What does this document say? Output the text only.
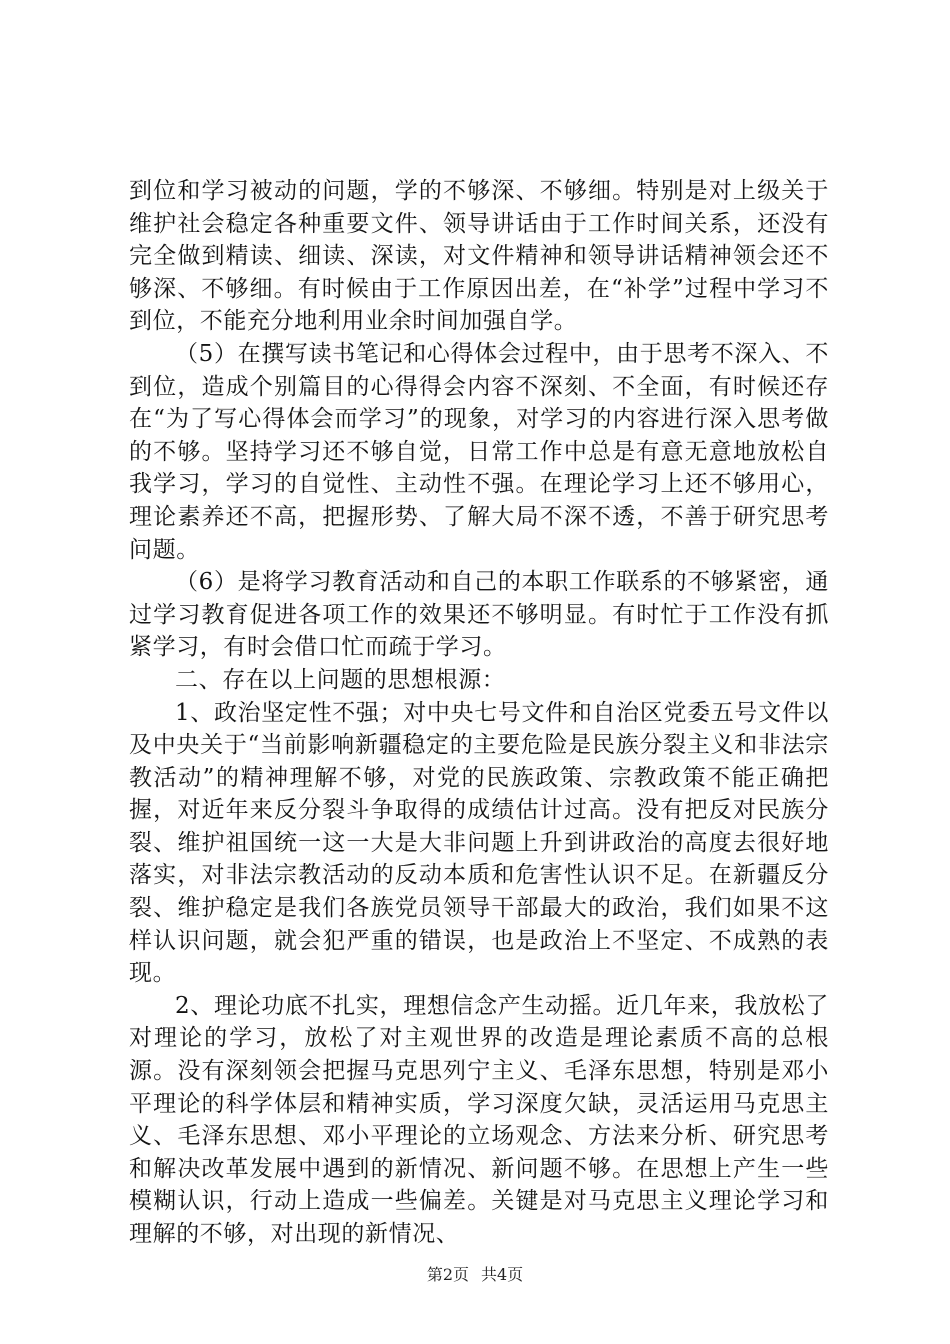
到位和学习被动的问题，学的不够深、不够细。特别是对上级关于维护社会稳定各种重要文件、领导讲话由于工作时间关系，还没有完全做到精读、细读、深读，对文件精神和领导讲话精神领会还不够深、不够细。有时候由于工作原因出差，在“补学”过程中学习不到位，不能充分地利用业余时间加强自学。

（5）在撰写读书笔记和心得体会过程中，由于思考不深入、不到位，造成个别篇目的心得得会内容不深刻、不全面，有时候还存在“为了写心得体会而学习”的现象，对学习的内容进行深入思考做的不够。坚持学习还不够自觉，日常工作中总是有意无意地放松自我学习，学习的自觉性、主动性不强。在理论学习上还不够用心，理论素养还不高，把握形势、了解大局不深不透，不善于研究思考问题。

（6）是将学习教育活动和自己的本职工作联系的不够紧密，通过学习教育促进各项工作的效果还不够明显。有时忙于工作没有抓紧学习，有时会借口忙而疏于学习。

二、存在以上问题的思想根源：

1、政治坚定性不强；对中央七号文件和自治区党委五号文件以及中央关于“当前影响新疆稳定的主要危险是民族分裂主义和非法宗教活动”的精神理解不够，对党的民族政策、宗教政策不能正确把握，对近年来反分裂斗争取得的成绩估计过高。没有把反对民族分裂、维护祖国统一这一大是大非问题上升到讲政治的高度去很好地落实，对非法宗教活动的反动本质和危害性认识不足。在新疆反分裂、维护稳定是我们各族党员领导干部最大的政治，我们如果不这样认识问题，就会犯严重的错误，也是政治上不坚定、不成熟的表现。

2、理论功底不扎实，理想信念产生动摇。近几年来，我放松了对理论的学习，放松了对主观世界的改造是理论素质不高的总根源。没有深刻领会把握马克思列宁主义、毛泽东思想，特别是邓小平理论的科学体层和精神实质，学习深度欠缺，灵活运用马克思主义、毛泽东思想、邓小平理论的立场观念、方法来分析、研究思考和解决改革发展中遇到的新情况、新问题不够。在思想上产生一些模糊认识，行动上造成一些偏差。关键是对马克思主义理论学习和理解的不够，对出现的新情况、

第2页 共4页
